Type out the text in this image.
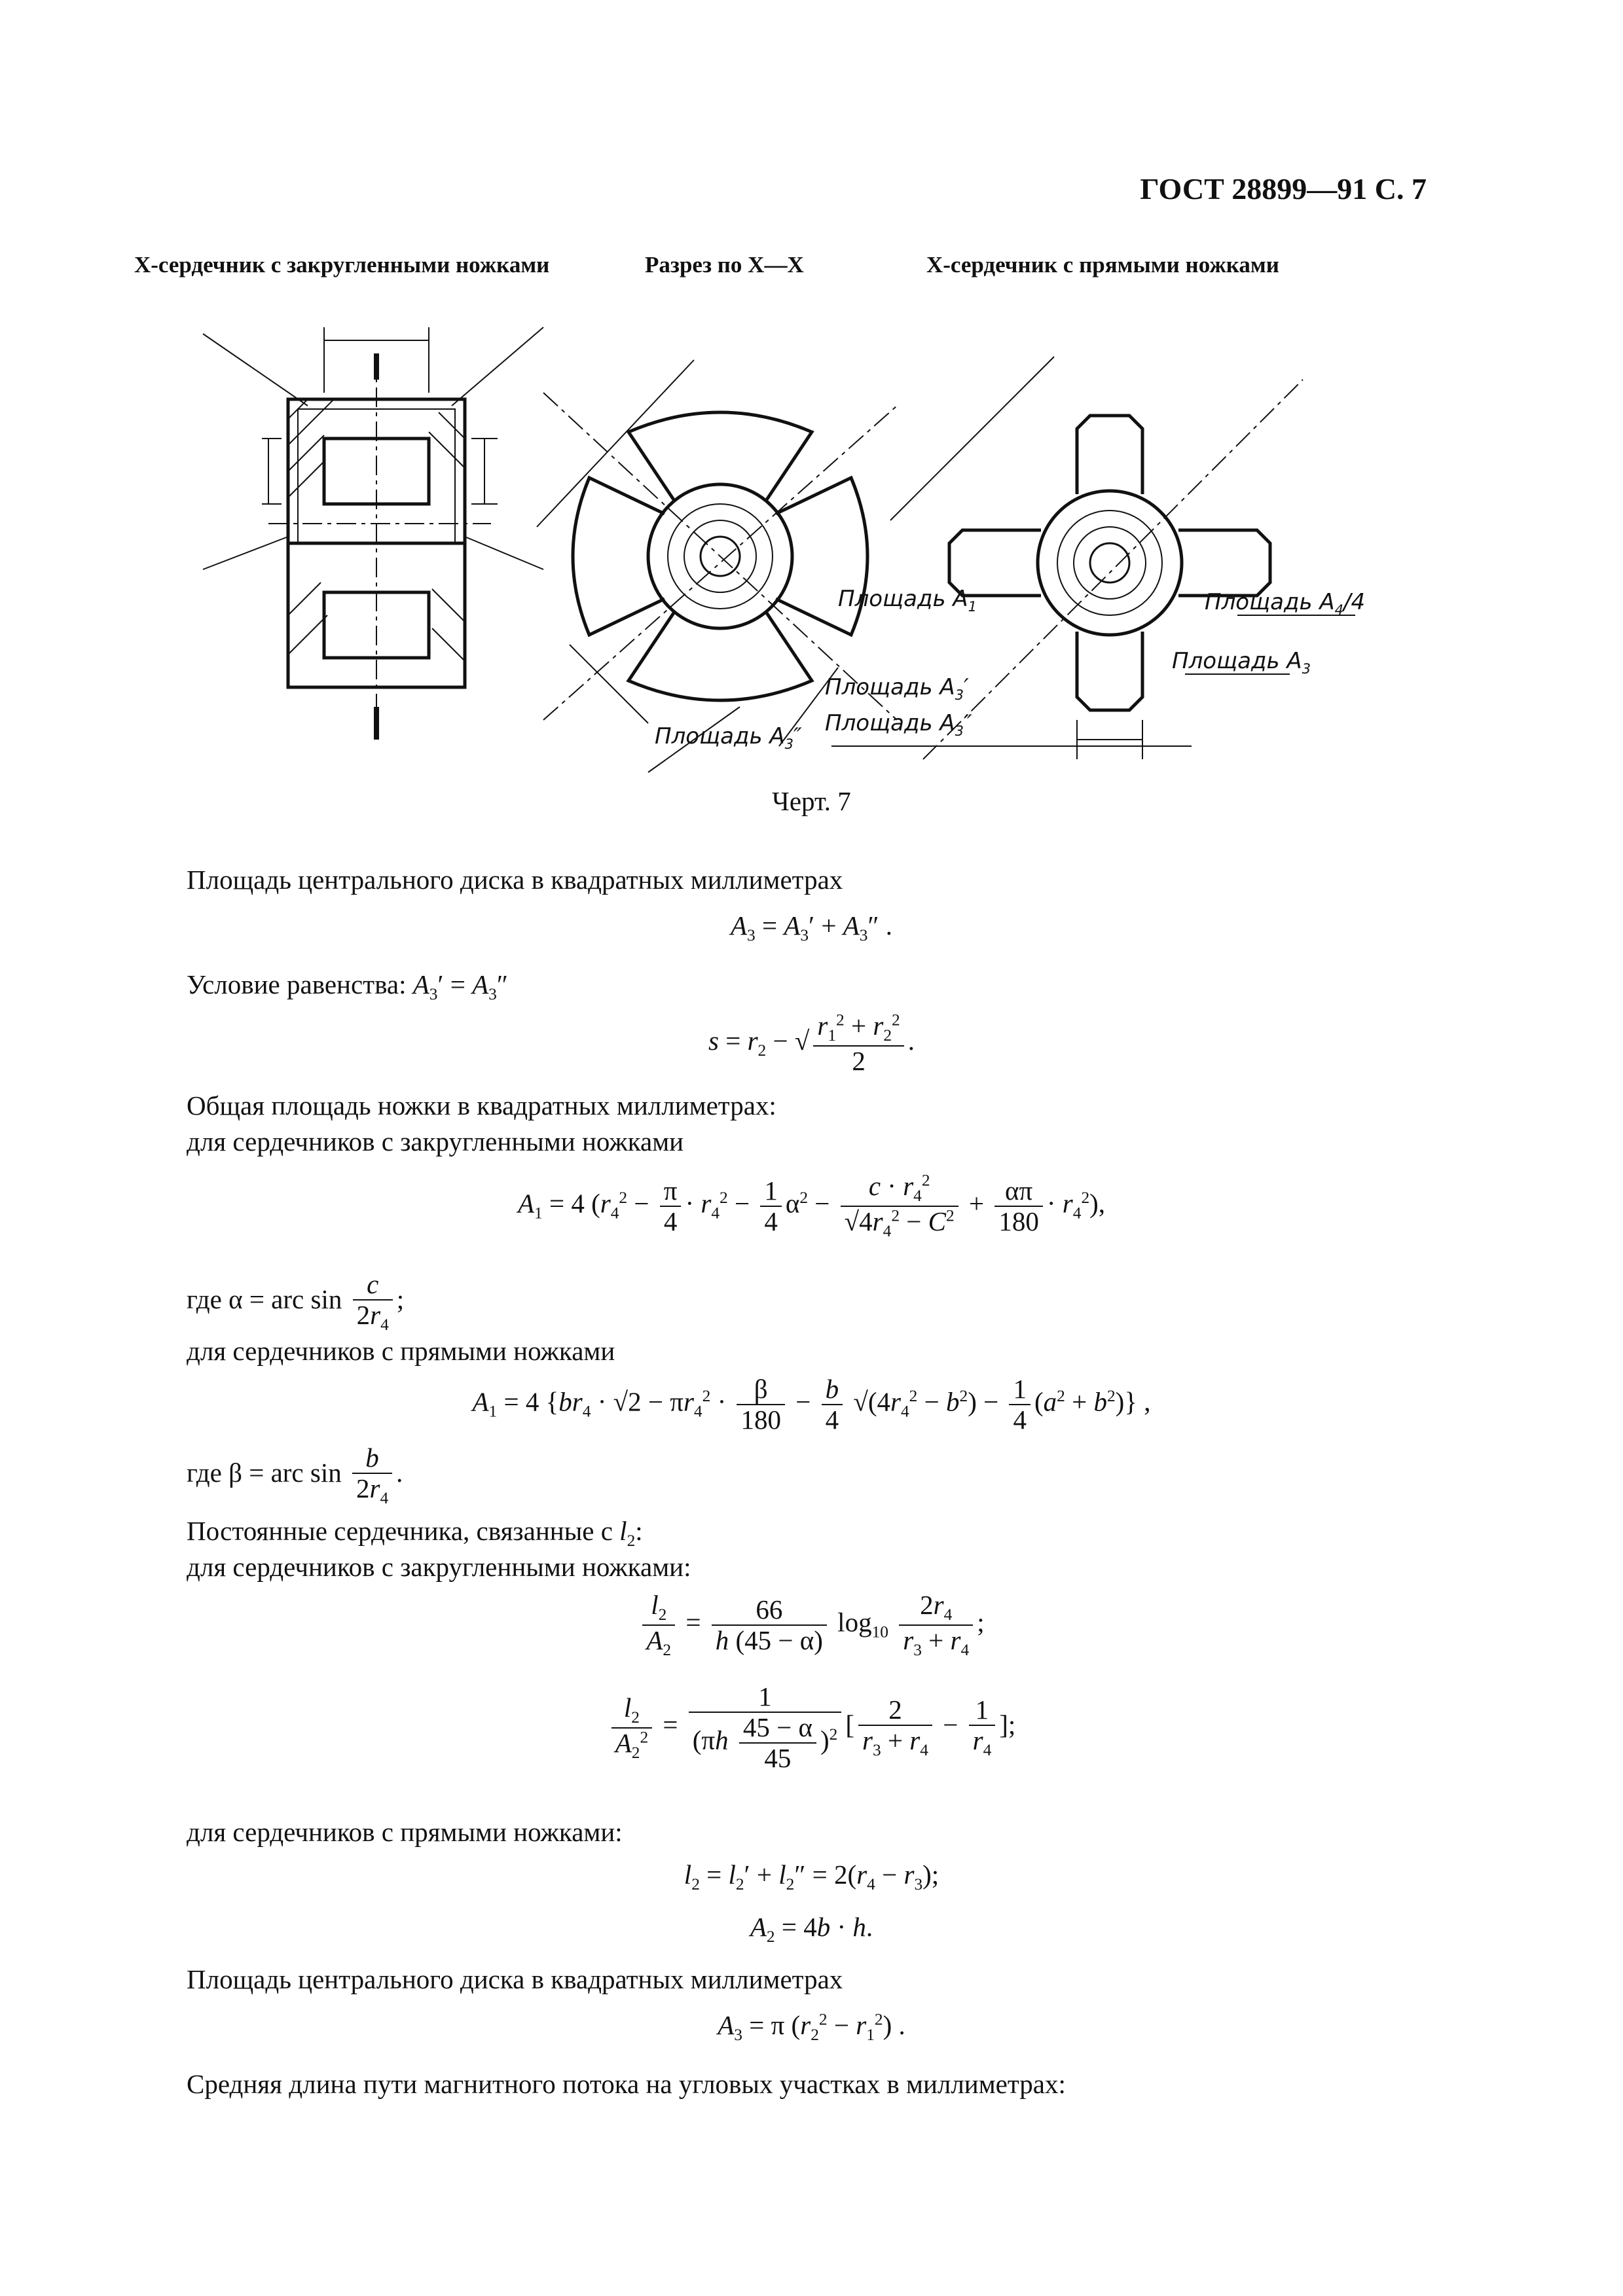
ГОСТ 28899—91 С. 7
X-сердечник с закругленными ножками	Разрез по X—X	X-сердечник с прямыми ножками
Площадь $A_1$
Площадь $A_3'$
Площадь $A_3''$
Площадь $A_3''$
Площадь $A_4/4$
Площадь $A_3$
Черт. 7
Площадь центрального диска в квадратных миллиметрах
$A_3 = A_3' + A_3''$ .
Условие равенства: $A_3' = A_3''$
$s = r_2$ − √ $\frac{r_1^2 + r_2^2}{2}$ .
Общая площадь ножки в квадратных миллиметрах:
для сердечников с закругленными ножками
$A_1 = 4$ $(r_4^2 - \frac{\pi}{4} \cdot r_4^2 - \frac{1}{4} \alpha^2 - \frac{c \cdot r_4^2}{√4r_4^2 - C^2} + \frac{\alpha\pi}{180} \cdot r_4^2)$,
где α = arc $\sin \frac{c}{2r_4}$ ;
для сердечников с прямыми ножками
$A_1 = 4$ $\{br_4 \cdot √2 - \pi r_4^2 \cdot \frac{\beta}{180} - \frac{b}{4} √(4r_4^2 - b^2) - \frac{1}{4} (a^2 + b^2)\}$ ,
где β = arc $\sin \frac{b}{2r_4}$ .
Постоянные сердечника, связанные с $l_2$:
для сердечников с закругленными ножками:
$\frac{l_2}{A_2} = \frac{66}{h (45 - \alpha)} \log_{10} \frac{2r_4}{r_3 + r_4}$ ;
$\frac{l_2}{A_2^2} = \frac{1}{(\pi h \frac{45 - \alpha}{45} )^2}$ [ $\frac{2}{r_3 + r_4} - \frac{1}{r_4}$ ];
для сердечников с прямыми ножками:
$l_2 = l_2' + l_2'' = 2(r_4 - r_3)$;
$A_2 = 4b \cdot h$.
Площадь центрального диска в квадратных миллиметрах
$A_3 = \pi$ $(r_2^2 - r_1^2)$ .
Средняя длина пути магнитного потока на угловых участках в миллиметрах:
